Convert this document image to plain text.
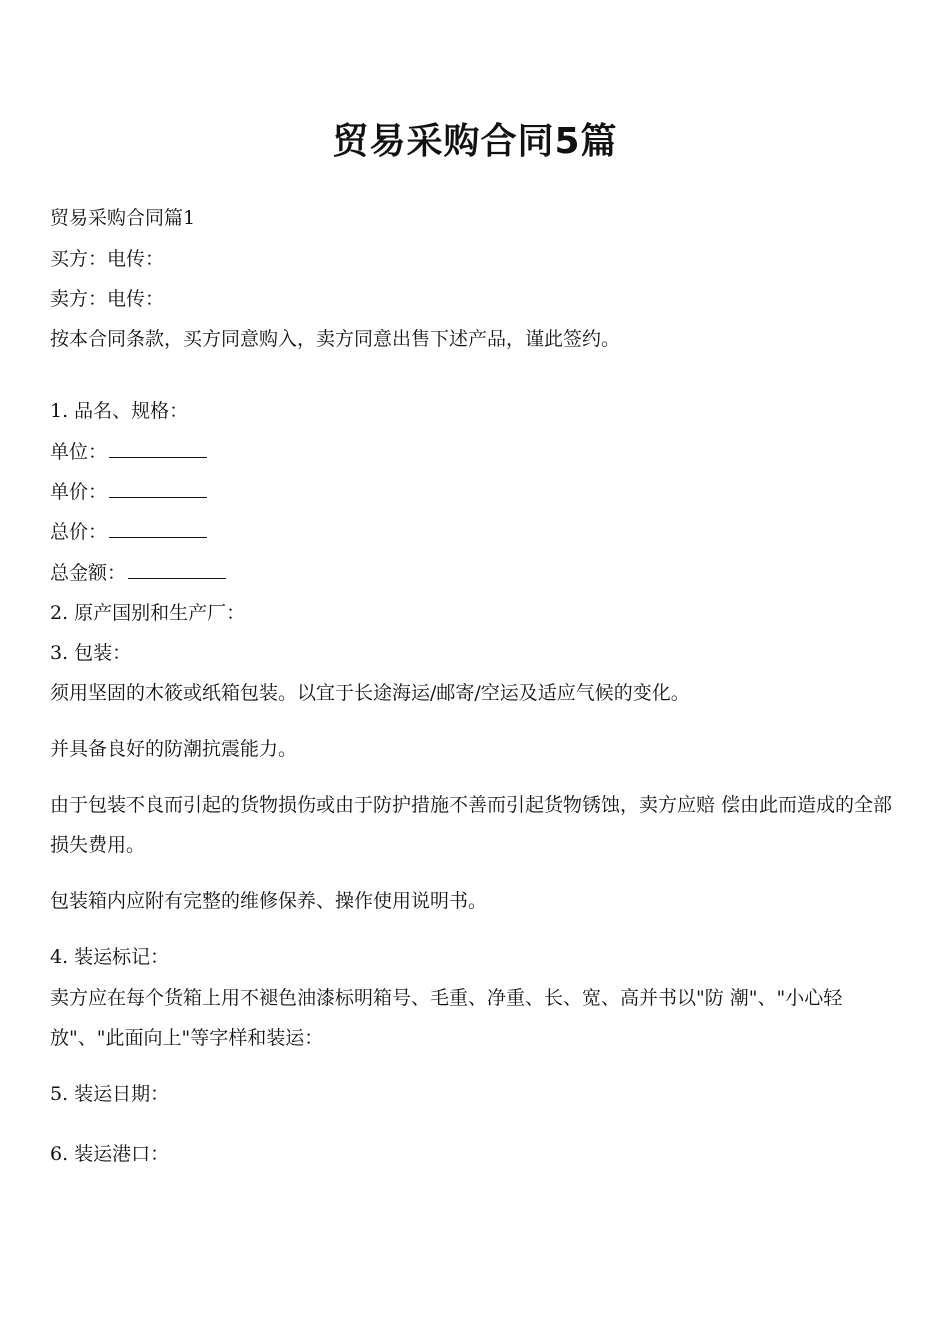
贸易采购合同5篇
贸易采购合同篇1
买方：电传：
卖方：电传：
按本合同条款，买方同意购入，卖方同意出售下述产品，谨此签约。
1. 品名、规格：
单位：
单价：
总价：
总金额：
2. 原产国别和生产厂：
3. 包装：
须用坚固的木筱或纸箱包装。以宜于长途海运/邮寄/空运及适应气候的变化。
并具备良好的防潮抗震能力。
由于包装不良而引起的货物损伤或由于防护措施不善而引起货物锈蚀，卖方应赔 偿由此而造成的全部损失费用。
包装箱内应附有完整的维修保养、操作使用说明书。
4. 装运标记：
卖方应在每个货箱上用不褪色油漆标明箱号、毛重、净重、长、宽、高并书以"防 潮"、"小心轻放"、"此面向上"等字样和装运：
5. 装运日期：
6. 装运港口：
